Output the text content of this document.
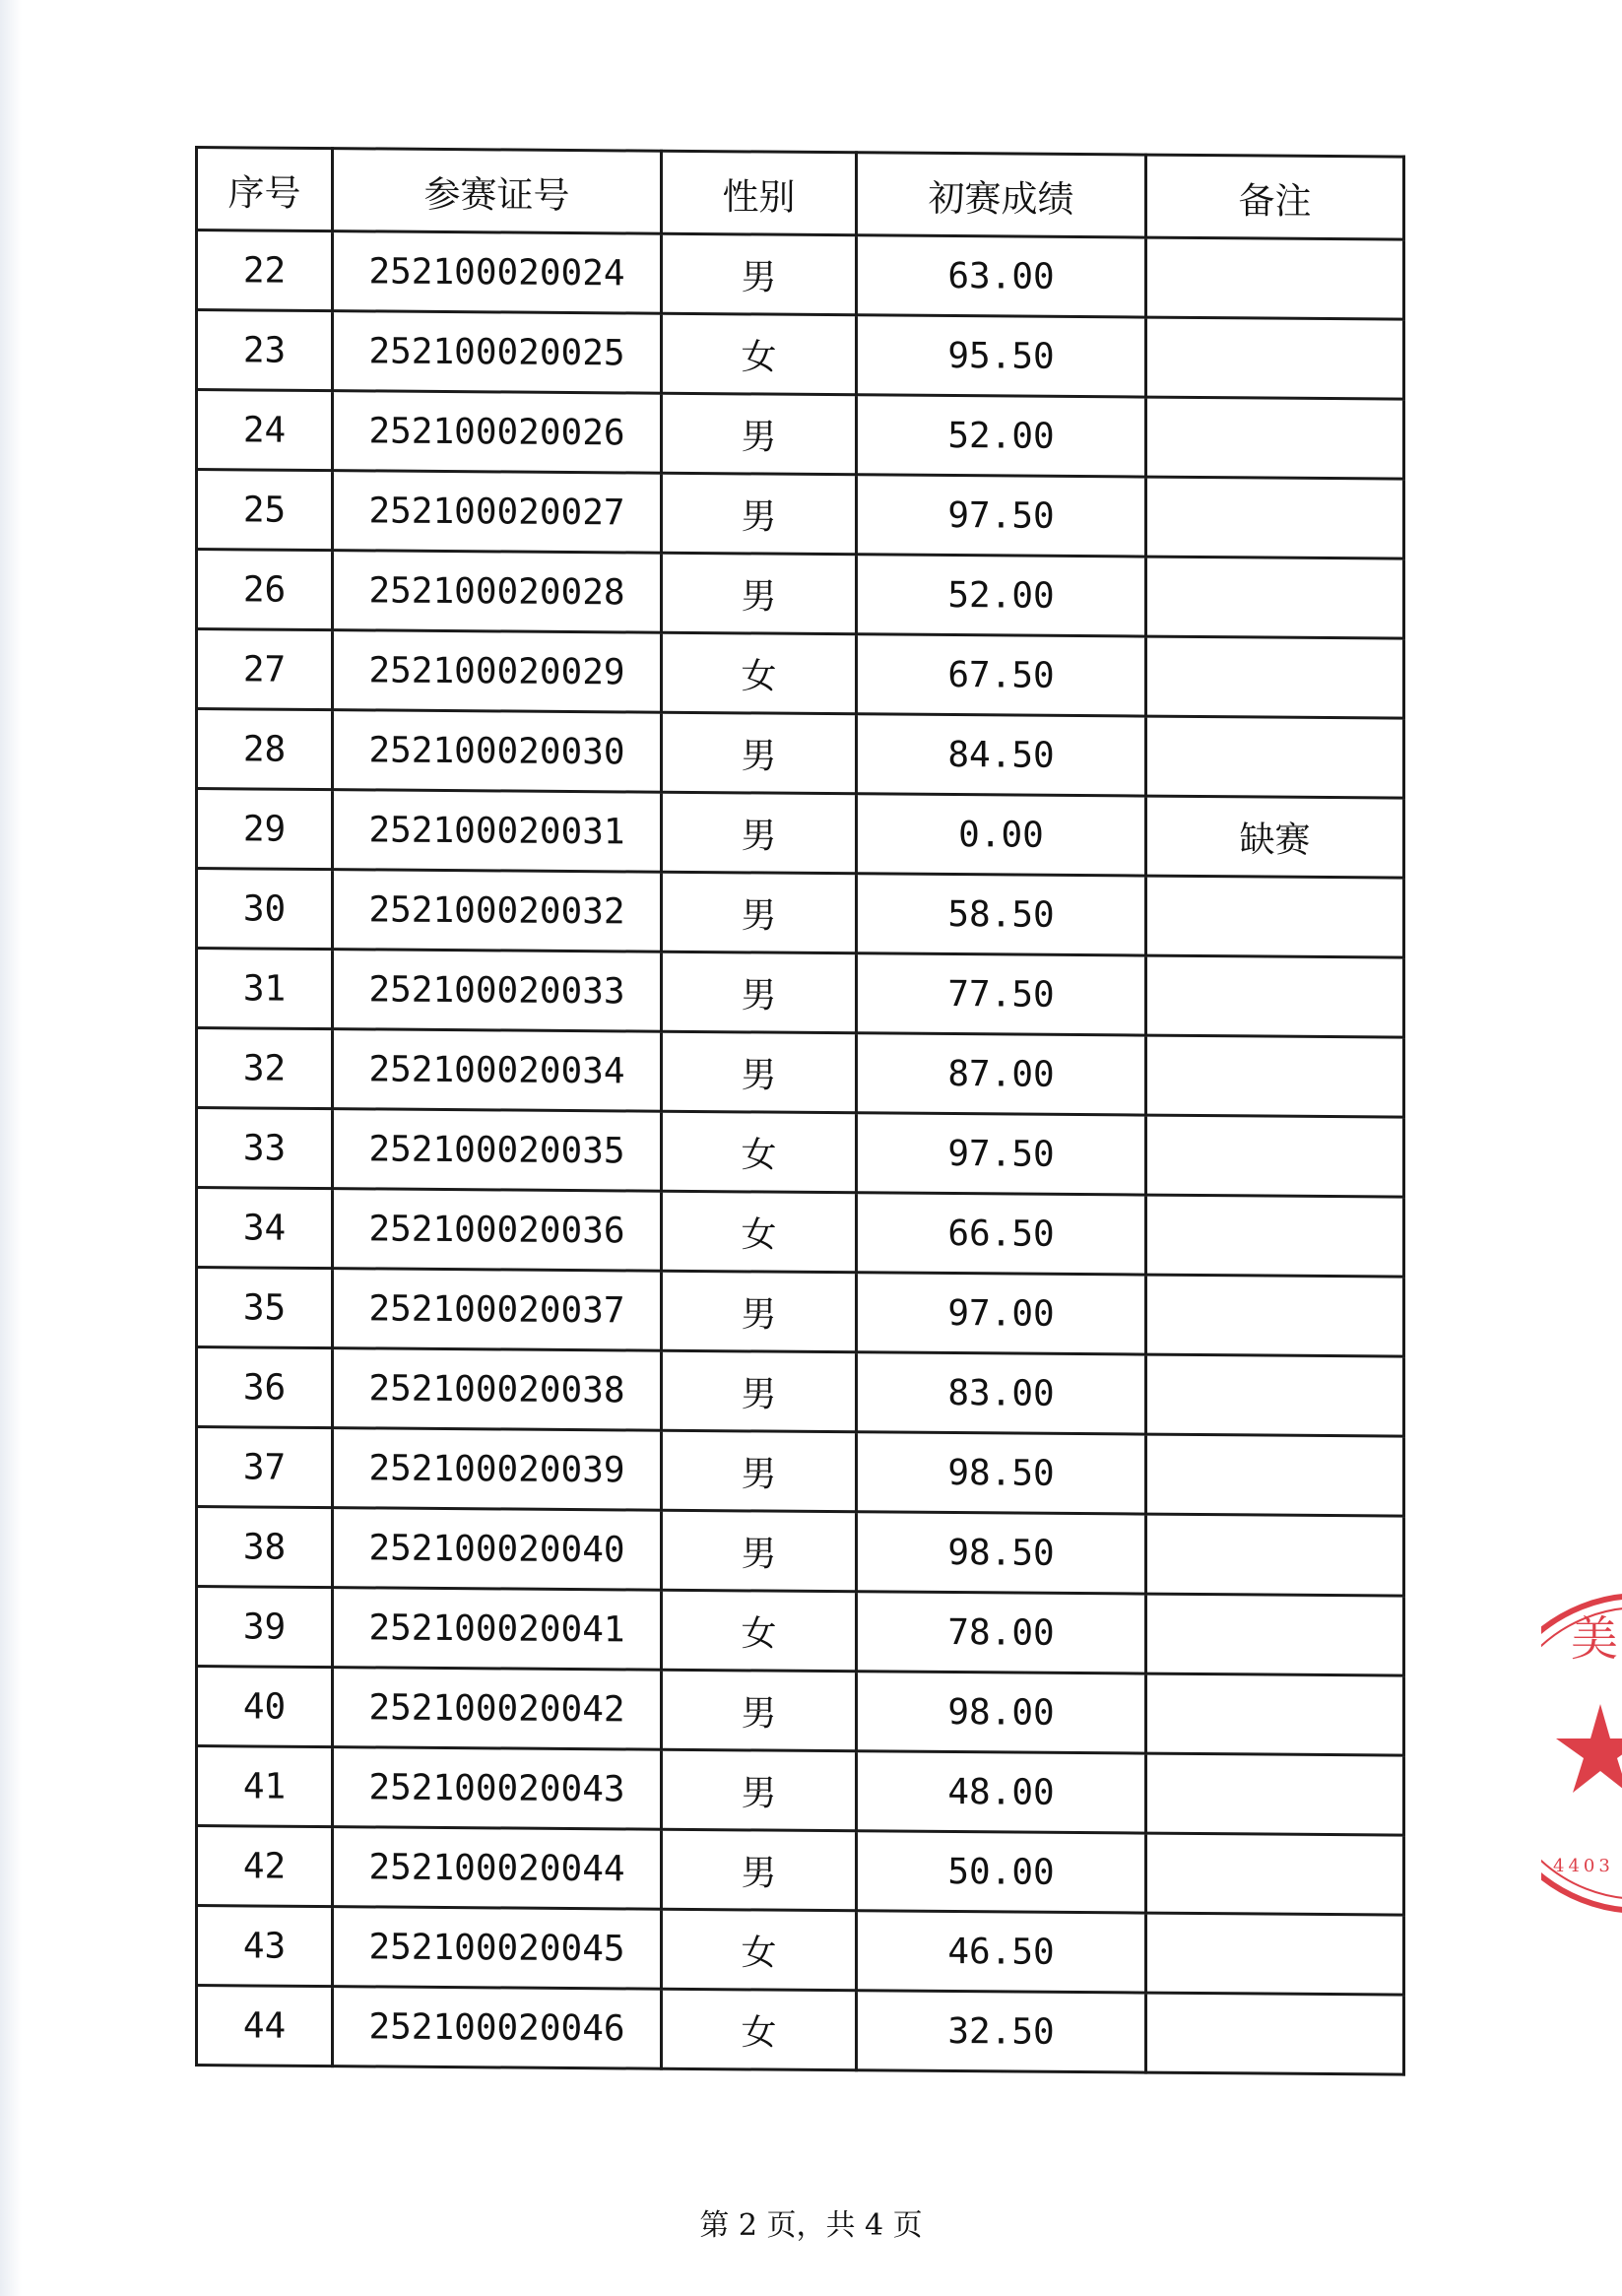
序号	参赛证号	性别	初赛成绩	备注
22	252100020024	男	63.00	
23	252100020025	女	95.50	
24	252100020026	男	52.00	
25	252100020027	男	97.50	
26	252100020028	男	52.00	
27	252100020029	女	67.50	
28	252100020030	男	84.50	
29	252100020031	男	0.00	缺赛
30	252100020032	男	58.50	
31	252100020033	男	77.50	
32	252100020034	男	87.00	
33	252100020035	女	97.50	
34	252100020036	女	66.50	
35	252100020037	男	97.00	
36	252100020038	男	83.00	
37	252100020039	男	98.50	
38	252100020040	男	98.50	
39	252100020041	女	78.00	
40	252100020042	男	98.00	
41	252100020043	男	48.00	
42	252100020044	男	50.00	
43	252100020045	女	46.50	
44	252100020046	女	32.50	
第 2 页，共 4 页
美
4403
